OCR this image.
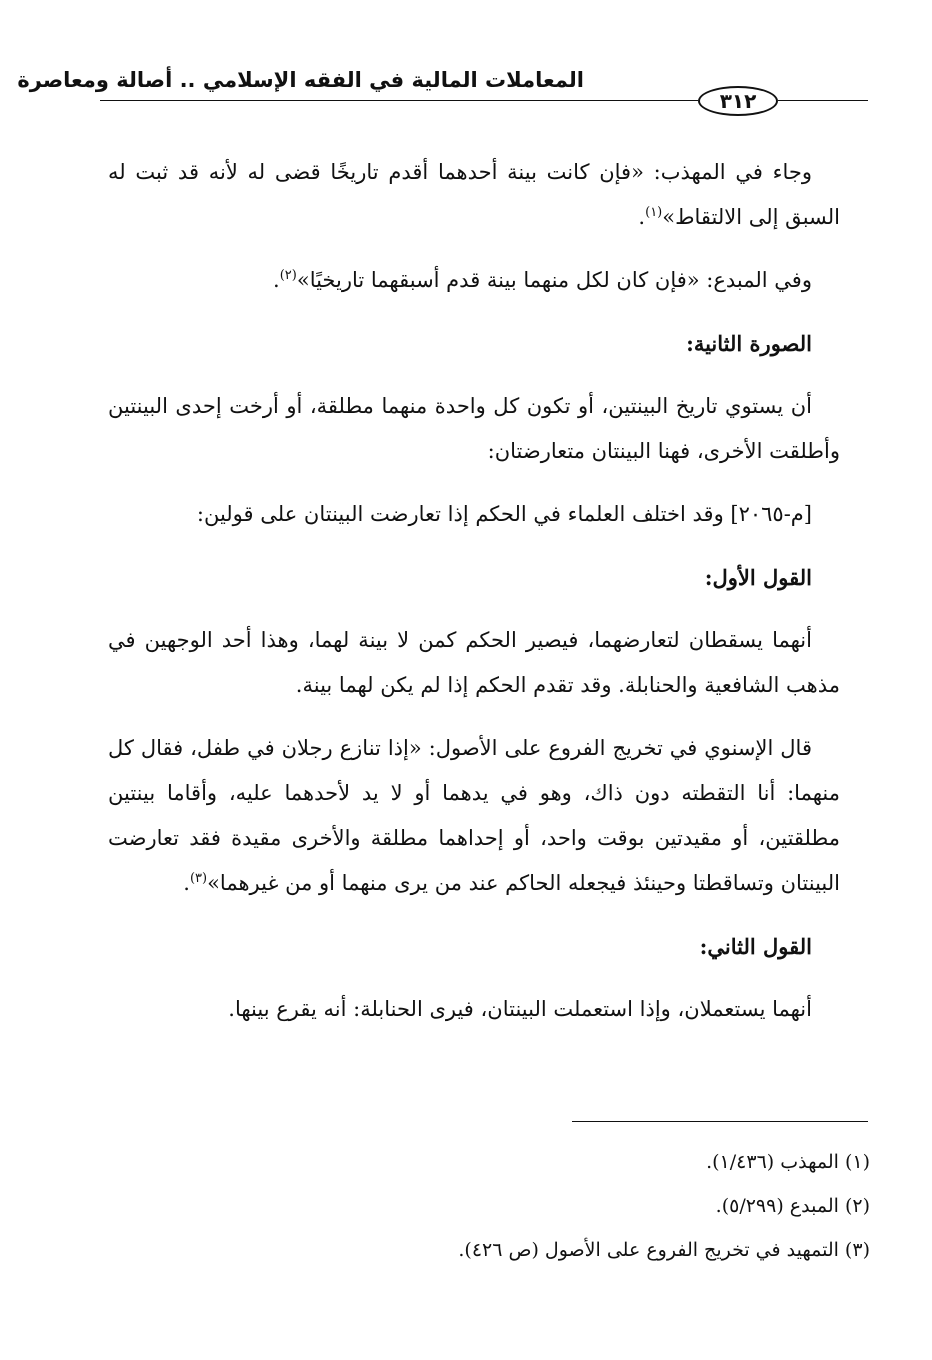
المعاملات المالية في الفقه الإسلامي .. أصالة ومعاصرة
٣١٢

وجاء في المهذب: «فإن كانت بينة أحدهما أقدم تاريخًا قضى له لأنه قد ثبت له السبق إلى الالتقاط»$^{(١)}$.

وفي المبدع: «فإن كان لكل منهما بينة قدم أسبقهما تاريخيًا»$^{(٢)}$.

الصورة الثانية:

أن يستوي تاريخ البينتين، أو تكون كل واحدة منهما مطلقة، أو أرخت إحدى البينتين وأطلقت الأخرى، فهنا البينتان متعارضتان:

[م-٢٠٦٥] وقد اختلف العلماء في الحكم إذا تعارضت البينتان على قولين:

القول الأول:

أنهما يسقطان لتعارضهما، فيصير الحكم كمن لا بينة لهما، وهذا أحد الوجهين في مذهب الشافعية والحنابلة. وقد تقدم الحكم إذا لم يكن لهما بينة.

قال الإسنوي في تخريج الفروع على الأصول: «إذا تنازع رجلان في طفل، فقال كل منهما: أنا التقطته دون ذاك، وهو في يدهما أو لا يد لأحدهما عليه، وأقاما بينتين مطلقتين، أو مقيدتين بوقت واحد، أو إحداهما مطلقة والأخرى مقيدة فقد تعارضت البينتان وتساقطتا وحينئذ فيجعله الحاكم عند من يرى منهما أو من غيرهما»$^{(٣)}$.

القول الثاني:

أنهما يستعملان، وإذا استعملت البينتان، فيرى الحنابلة: أنه يقرع بينها.

(١) المهذب (١/٤٣٦).
(٢) المبدع (٥/٢٩٩).
(٣) التمهيد في تخريج الفروع على الأصول (ص ٤٢٦).
